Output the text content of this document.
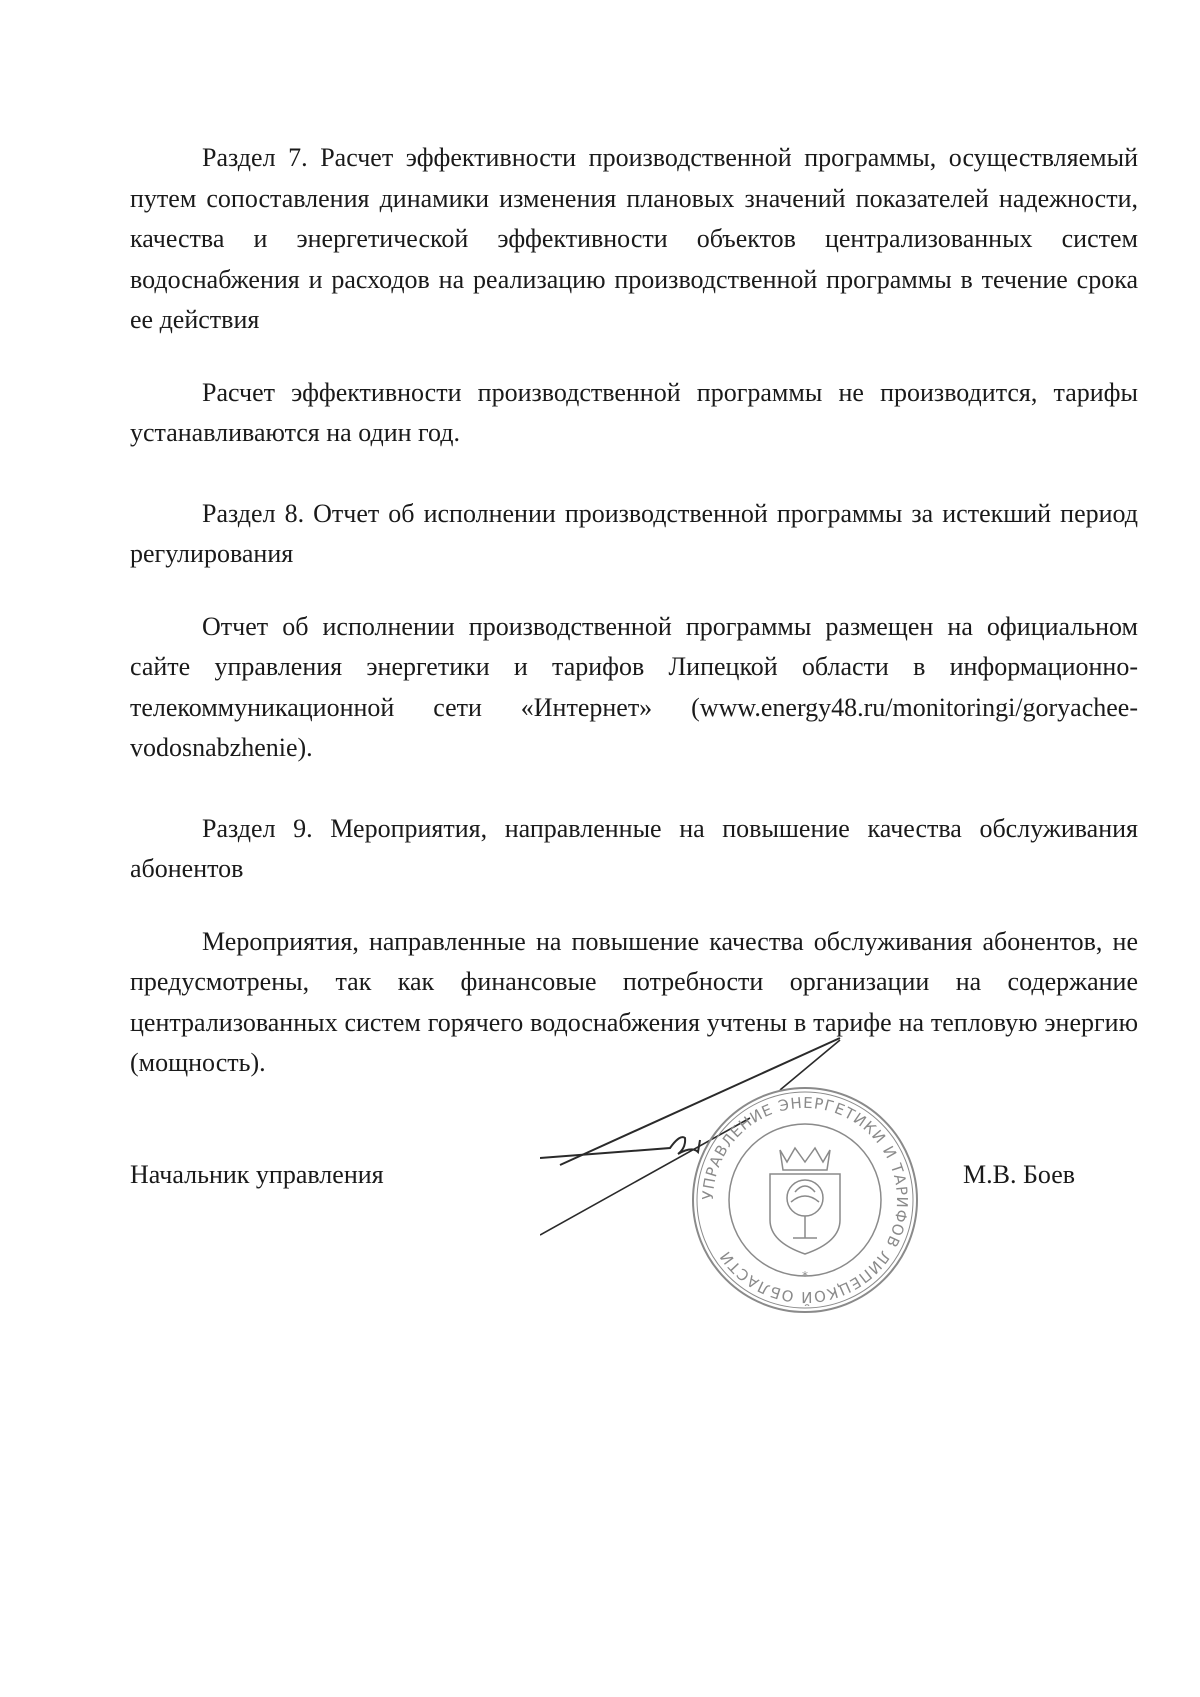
Раздел 7. Расчет эффективности производственной программы, осуществляемый путем сопоставления динамики изменения плановых значений показателей надежности, качества и энергетической эффективности объектов централизованных систем водоснабжения и расходов на реализацию производственной программы в течение срока ее действия

Расчет эффективности производственной программы не производится, тарифы устанавливаются на один год.

Раздел 8. Отчет об исполнении производственной программы за истекший период регулирования

Отчет об исполнении производственной программы размещен на официальном сайте управления энергетики и тарифов Липецкой области в информационно-телекоммуникационной сети «Интернет» (www.energy48.ru/monitoringi/goryachee-vodosnabzhenie).

Раздел 9. Мероприятия, направленные на повышение качества обслуживания абонентов

Мероприятия, направленные на повышение качества обслуживания абонентов, не предусмотрены, так как финансовые потребности организации на содержание централизованных систем горячего водоснабжения учтены в тарифе на тепловую энергию (мощность).

УПРАВЛЕНИЕ ЭНЕРГЕТИКИ И ТАРИФОВ ЛИПЕЦКОЙ ОБЛАСТИ
*
Начальник управления	М.В. Боев
